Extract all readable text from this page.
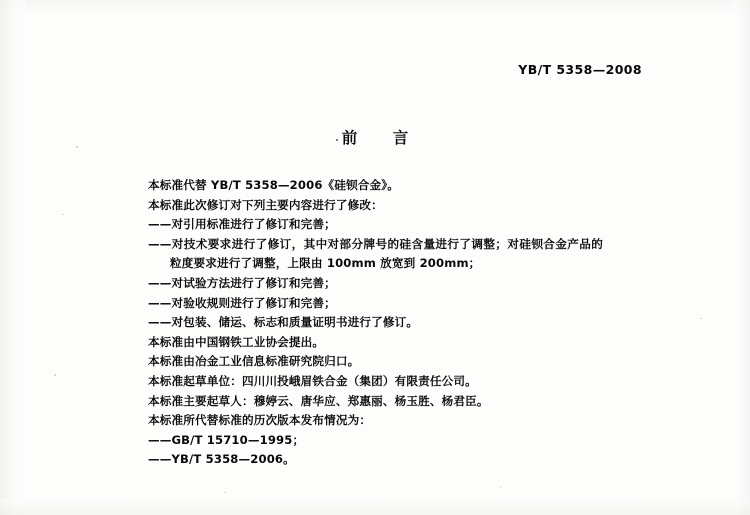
YB/T 5358—2008
前　言

本标准代替 YB/T 5358—2006《硅钡合金》。

本标准此次修订对下列主要内容进行了修改：

——对引用标准进行了修订和完善；

——对技术要求进行了修订，其中对部分牌号的硅含量进行了调整；对硅钡合金产品的粒度要求进行了调整，上限由 100mm 放宽到 200mm；

——对试验方法进行了修订和完善；

——对验收规则进行了修订和完善；

——对包装、储运、标志和质量证明书进行了修订。

本标准由中国钢铁工业协会提出。

本标准由冶金工业信息标准研究院归口。

本标准起草单位：四川川投峨眉铁合金（集团）有限责任公司。

本标准主要起草人：穆婷云、唐华应、郑惠丽、杨玉胜、杨君臣。

本标准所代替标准的历次版本发布情况为：

——GB/T 15710—1995；

——YB/T 5358—2006。
